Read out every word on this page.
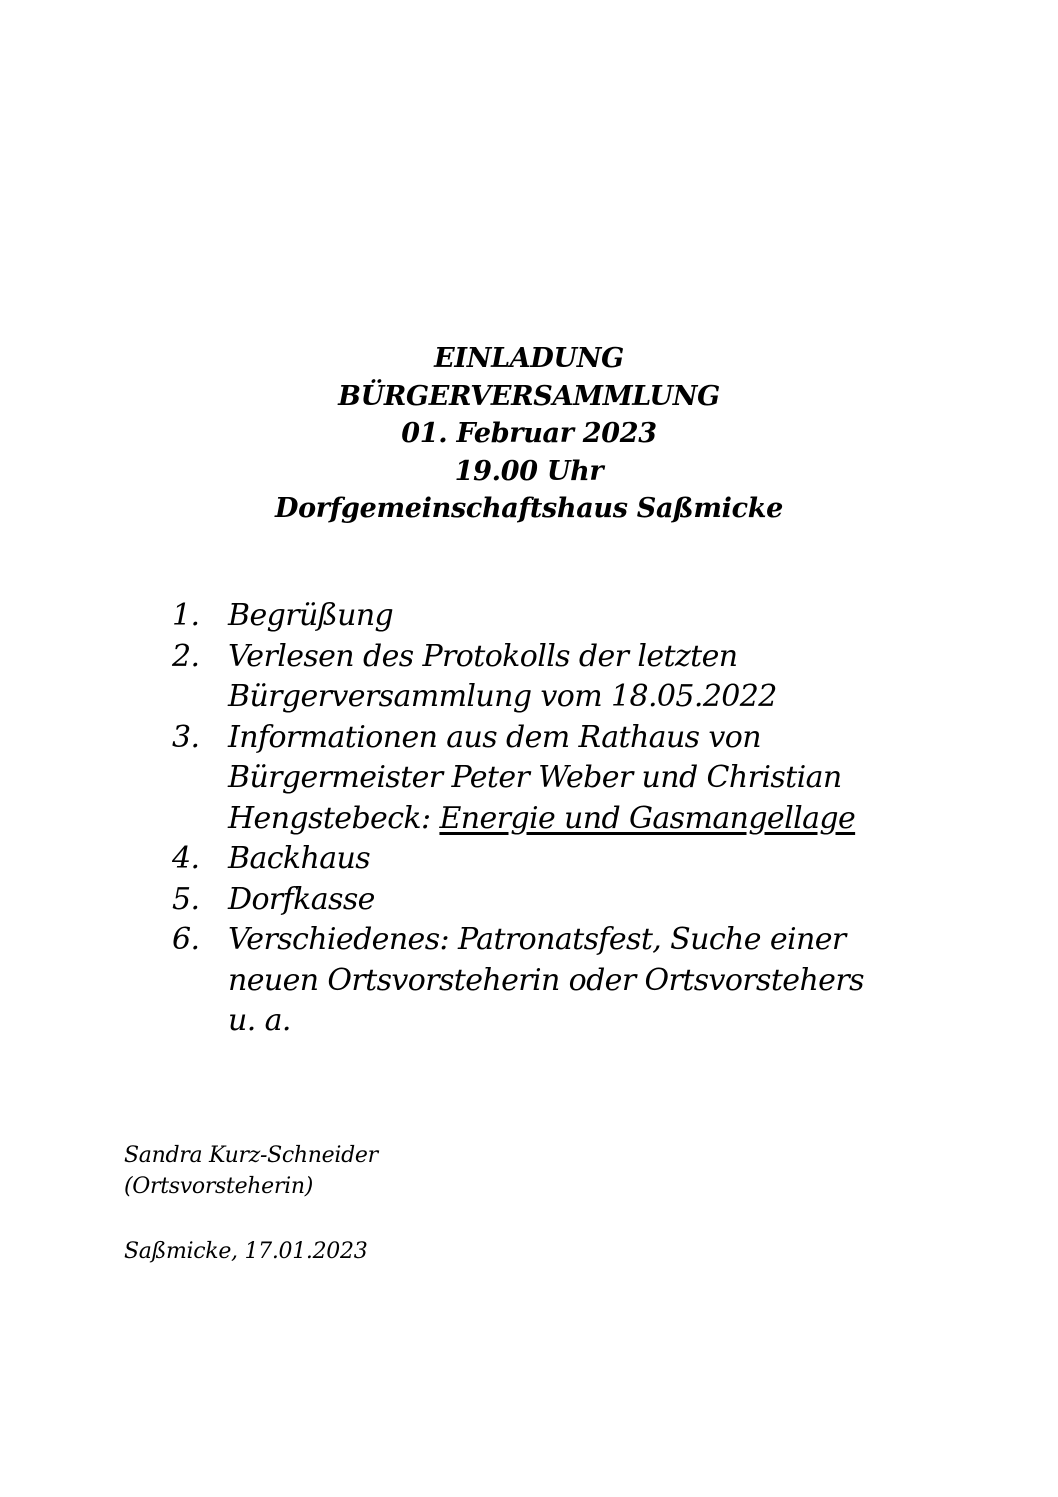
EINLADUNG
BÜRGERVERSAMMLUNG
01. Februar 2023
19.00 Uhr
Dorfgemeinschaftshaus Saßmicke
1. Begrüßung
2. Verlesen des Protokolls der letzten
Bürgerversammlung vom 18.05.2022
3. Informationen aus dem Rathaus von
Bürgermeister Peter Weber und Christian
Hengstebeck: Energie und Gasmangellage
4. Backhaus
5. Dorfkasse
6. Verschiedenes: Patronatsfest, Suche einer
neuen Ortsvorsteherin oder Ortsvorstehers
u. a.
Sandra Kurz-Schneider
(Ortsvorsteherin)
Saßmicke, 17.01.2023
